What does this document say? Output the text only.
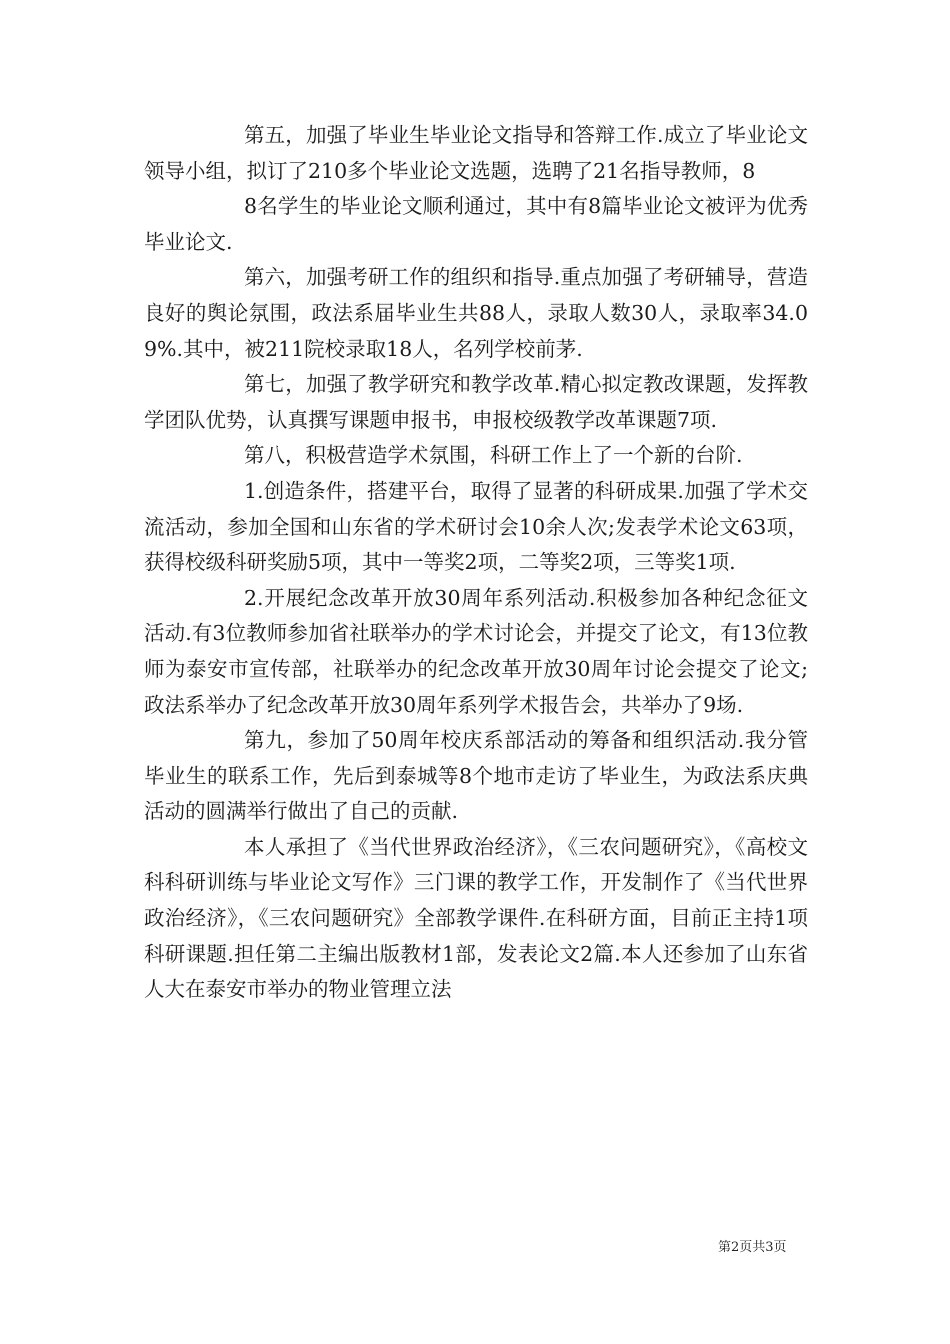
第五，加强了毕业生毕业论文指导和答辩工作.成立了毕业论文领导小组，拟订了210多个毕业论文选题，选聘了21名指导教师，8

8名学生的毕业论文顺利通过，其中有8篇毕业论文被评为优秀毕业论文.

第六，加强考研工作的组织和指导.重点加强了考研辅导，营造良好的舆论氛围，政法系届毕业生共88人，录取人数30人，录取率34.09%.其中，被211院校录取18人，名列学校前茅.

第七，加强了教学研究和教学改革.精心拟定教改课题，发挥教学团队优势，认真撰写课题申报书，申报校级教学改革课题7项.

第八，积极营造学术氛围，科研工作上了一个新的台阶.

1.创造条件，搭建平台，取得了显著的科研成果.加强了学术交流活动，参加全国和山东省的学术研讨会10余人次;发表学术论文63项，获得校级科研奖励5项，其中一等奖2项，二等奖2项，三等奖1项.

2.开展纪念改革开放30周年系列活动.积极参加各种纪念征文活动.有3位教师参加省社联举办的学术讨论会，并提交了论文，有13位教师为泰安市宣传部，社联举办的纪念改革开放30周年讨论会提交了论文;政法系举办了纪念改革开放30周年系列学术报告会，共举办了9场.

第九，参加了50周年校庆系部活动的筹备和组织活动.我分管毕业生的联系工作，先后到泰城等8个地市走访了毕业生，为政法系庆典活动的圆满举行做出了自己的贡献.

本人承担了《当代世界政治经济》，《三农问题研究》，《高校文科科研训练与毕业论文写作》三门课的教学工作，开发制作了《当代世界政治经济》，《三农问题研究》全部教学课件.在科研方面，目前正主持1项科研课题.担任第二主编出版教材1部，发表论文2篇.本人还参加了山东省人大在泰安市举办的物业管理立法

第2页共3页
